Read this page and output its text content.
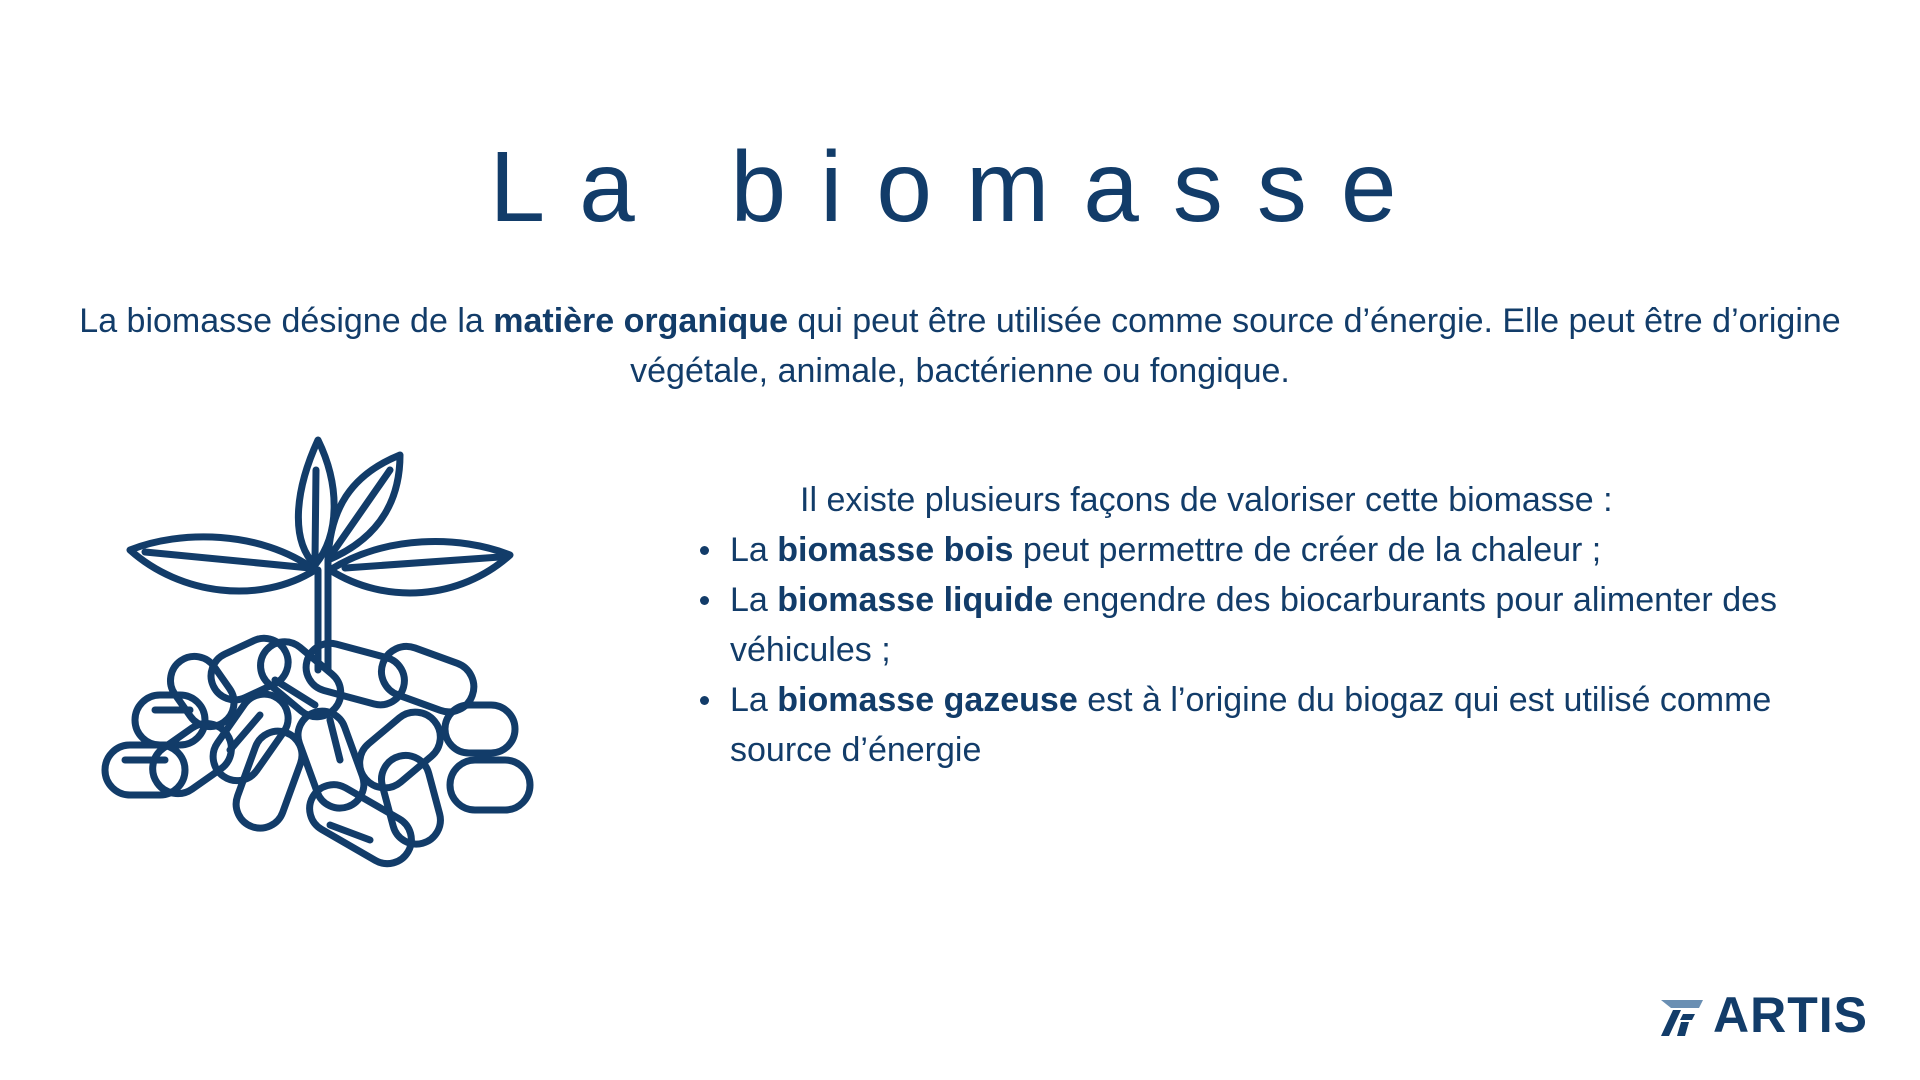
La biomasse

La biomasse désigne de la matière organique qui peut être utilisée comme source d’énergie. Elle peut être d’origine végétale, animale, bactérienne ou fongique.

Il existe plusieurs façons de valoriser cette biomasse :

La biomasse bois peut permettre de créer de la chaleur ;
La biomasse liquide engendre des biocarburants pour alimenter des véhicules ;
La biomasse gazeuse est à l’origine du biogaz qui est utilisé comme source d’énergie
ARTIS
